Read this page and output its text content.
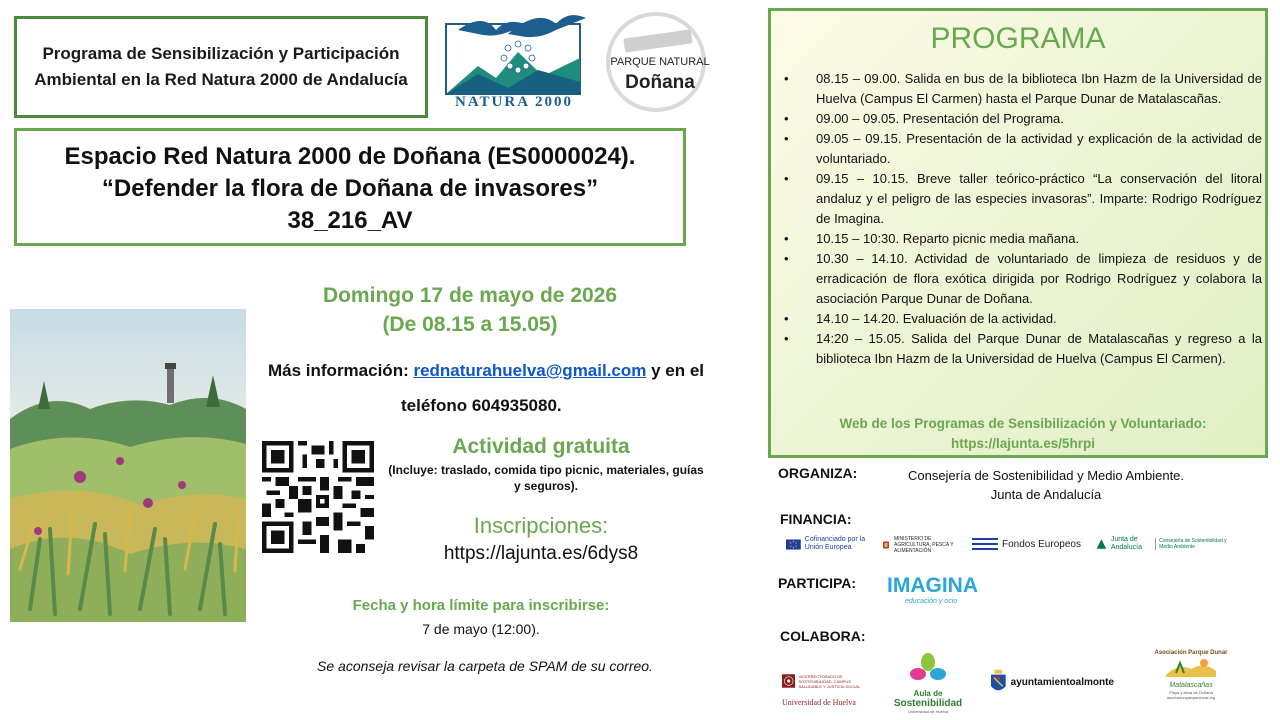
Programa de Sensibilización y Participación
Ambiental en la Red Natura 2000 de Andalucía
NATURA 2000
PARQUE NATURAL
Doñana
Espacio Red Natura 2000 de Doñana (ES0000024).
“Defender la flora de Doñana de invasores”
38_216_AV
Domingo 17 de mayo de 2026
(De 08.15 a 15.05)
Más información: rednaturahuelva@gmail.com y en el
teléfono 604935080.
Actividad gratuita
(Incluye: traslado, comida tipo picnic, materiales, guías y seguros).
Inscripciones:
https://lajunta.es/6dys8
Fecha y hora límite para inscribirse:
7 de mayo (12:00).
Se aconseja revisar la carpeta de SPAM de su correo.
PROGRAMA
• 08.15 – 09.00. Salida en bus de la biblioteca Ibn Hazm de la Universidad de Huelva (Campus El Carmen) hasta el Parque Dunar de Matalascañas.
• 09.00 – 09.05. Presentación del Programa.
• 09.05 – 09.15. Presentación de la actividad y explicación de la actividad de voluntariado.
• 09.15 – 10.15. Breve taller teórico-práctico “La conservación del litoral andaluz y el peligro de las especies invasoras”. Imparte: Rodrigo Rodríguez de Imagina.
• 10.15 – 10:30. Reparto picnic media mañana.
• 10.30 – 14.10. Actividad de voluntariado de limpieza de residuos y de erradicación de flora exótica dirigida por Rodrigo Rodríguez y colabora la asociación Parque Dunar de Doñana.
• 14.10 – 14.20. Evaluación de la actividad.
• 14:20 – 15.05. Salida del Parque Dunar de Matalascañas y regreso a la biblioteca Ibn Hazm de la Universidad de Huelva (Campus El Carmen).
Web de los Programas de Sensibilización y Voluntariado:
https://lajunta.es/5hrpi
ORGANIZA:	Consejería de Sostenibilidad y Medio Ambiente.
Junta de Andalucía
FINANCIA:
Cofinanciado por la Unión Europea
MINISTERIO DE AGRICULTURA, PESCA Y ALIMENTACIÓN
Fondos Europeos	Junta de Andalucía
Consejería de Sostenibilidad y Medio Ambiente
PARTICIPA: IMAGINA
educación y ocio
COLABORA:
VICERRECTORADO DE SOSTENIBILIDAD, CAMPUS SALUDABLE Y JUSTICIA SOCIAL
Universidad de Huelva
Aula de
Sostenibilidad
Universidad de Huelva
ayuntamientoalmonte
Asociación Parque Dunar
Matalascañas
Playa y alma de Doñana
asociacionparquedunar.org
